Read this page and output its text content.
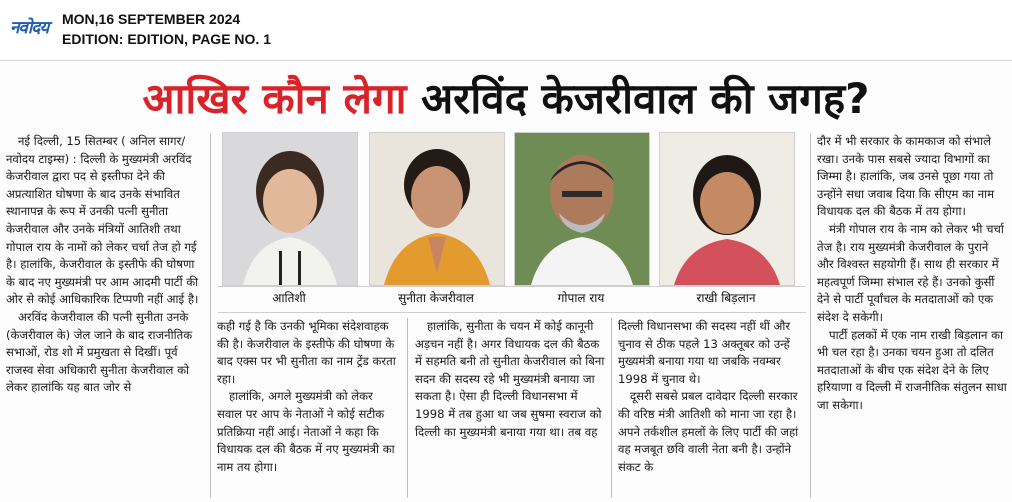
नवोदय MON,16 SEPTEMBER 2024
EDITION: EDITION, PAGE NO. 1
आखिर कौन लेगा अरविंद केजरीवाल की जगह?

नई दिल्ली, 15 सितम्बर ( अनिल सागर/नवोदय टाइम्स) : दिल्ली के मुख्यमंत्री अरविंद केजरीवाल द्वारा पद से इस्तीफा देने की अप्रत्याशित घोषणा के बाद उनके संभावित स्थानापन्न के रूप में उनकी पत्नी सुनीता केजरीवाल और उनके मंत्रियों आतिशी तथा गोपाल राय के नामों को लेकर चर्चा तेज हो गई है। हालांकि, केजरीवाल के इस्तीफे की घोषणा के बाद नए मुख्यमंत्री पर आम आदमी पार्टी की ओर से कोई आधिकारिक टिप्पणी नहीं आई है।

अरविंद केजरीवाल की पत्नी सुनीता उनके (केजरीवाल के) जेल जाने के बाद राजनीतिक सभाओं, रोड शो में प्रमुखता से दिखीं। पूर्व राजस्व सेवा अधिकारी सुनीता केजरीवाल को लेकर हालांकि यह बात जोर से

आतिशी	सुनीता केजरीवाल	गोपाल राय	राखी बिड़लान

कही गई है कि उनकी भूमिका संदेशवाहक की है। केजरीवाल के इस्तीफे की घोषणा के बाद एक्स पर भी सुनीता का नाम ट्रेंड करता रहा।

हालांकि, अगले मुख्यमंत्री को लेकर सवाल पर आप के नेताओं ने कोई सटीक प्रतिक्रिया नहीं आई। नेताओं ने कहा कि विधायक दल की बैठक में नए मुख्यमंत्री का नाम तय होगा।

हालांकि, सुनीता के चयन में कोई कानूनी अड़चन नहीं है। अगर विधायक दल की बैठक में सहमति बनी तो सुनीता केजरीवाल को बिना सदन की सदस्य रहे भी मुख्यमंत्री बनाया जा सकता है। ऐसा ही दिल्ली विधानसभा में 1998 में तब हुआ था जब सुषमा स्वराज को दिल्ली का मुख्यमंत्री बनाया गया था। तब वह

दिल्ली विधानसभा की सदस्य नहीं थीं और चुनाव से ठीक पहले 13 अक्तूबर को उन्हें मुख्यमंत्री बनाया गया था जबकि नवम्बर 1998 में चुनाव थे।

दूसरी सबसे प्रबल दावेदार दिल्ली सरकार की वरिष्ठ मंत्री आतिशी को माना जा रहा है। अपने तर्कशील हमलों के लिए पार्टी की जहां वह मजबूत छवि वाली नेता बनी है। उन्होंने संकट के

दौर में भी सरकार के कामकाज को संभाले रखा। उनके पास सबसे ज्यादा विभागों का जिम्मा है। हालांकि, जब उनसे पूछा गया तो उन्होंने सधा जवाब दिया कि सीएम का नाम विधायक दल की बैठक में तय होगा।

मंत्री गोपाल राय के नाम को लेकर भी चर्चा तेज है। राय मुख्यमंत्री केजरीवाल के पुराने और विश्वस्त सहयोगी हैं। साथ ही सरकार में महत्वपूर्ण जिम्मा संभाल रहे हैं। उनको कुर्सी देने से पार्टी पूर्वांचल के मतदाताओं को एक संदेश दे सकेगी।

पार्टी हलकों में एक नाम राखी बिड़लान का भी चल रहा है। उनका चयन हुआ तो दलित मतदाताओं के बीच एक संदेश देने के लिए हरियाणा व दिल्ली में राजनीतिक संतुलन साधा जा सकेगा।
